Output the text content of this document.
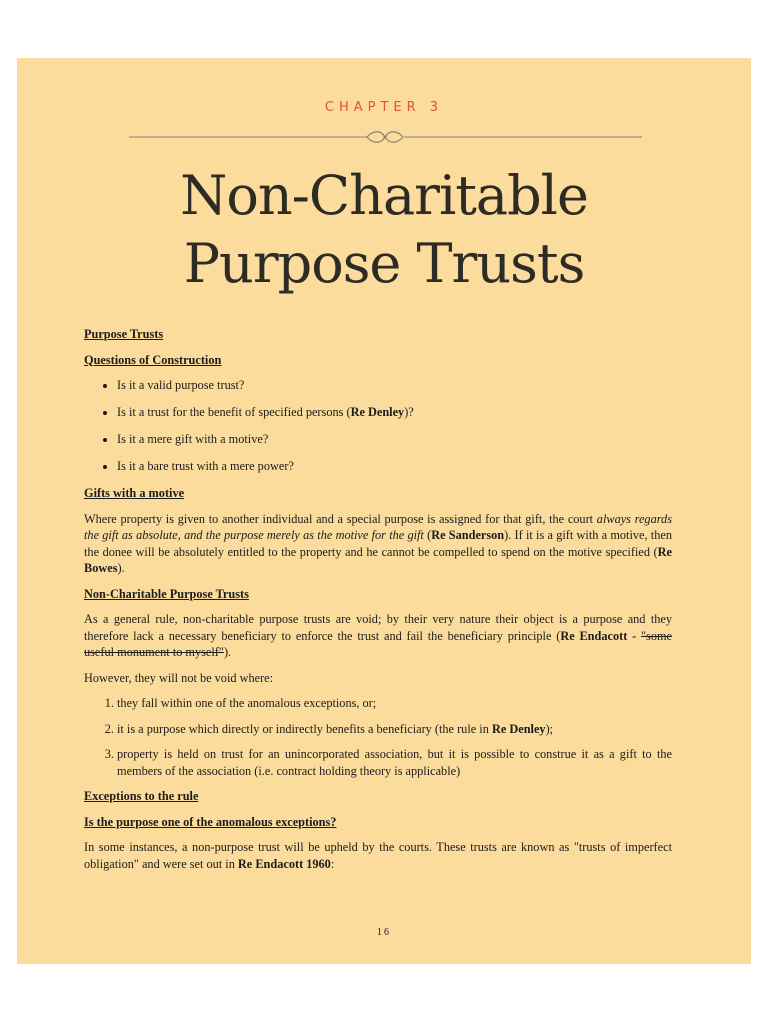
CHAPTER 3
Non-Charitable
Purpose Trusts
Purpose Trusts
Questions of Construction
• Is it a valid purpose trust?
• Is it a trust for the benefit of specified persons (Re Denley)?
• Is it a mere gift with a motive?
• Is it a bare trust with a mere power?
Gifts with a motive

Where property is given to another individual and a special purpose is assigned for that gift, the court always regards the gift as absolute, and the purpose merely as the motive for the gift (Re Sanderson). If it is a gift with a motive, then the donee will be absolutely entitled to the property and he cannot be compelled to spend on the motive specified (Re Bowes).

Non-Charitable Purpose Trusts

As a general rule, non-charitable purpose trusts are void; by their very nature their object is a purpose and they therefore lack a necessary beneficiary to enforce the trust and fail the beneficiary principle (Re Endacott - "some useful monument to myself").

However, they will not be void where:

1. they fall within one of the anomalous exceptions, or;
2. it is a purpose which directly or indirectly benefits a beneficiary (the rule in Re Denley);
3. property is held on trust for an unincorporated association, but it is possible to construe it as a gift to the members of the association (i.e. contract holding theory is applicable)
Exceptions to the rule
Is the purpose one of the anomalous exceptions?

In some instances, a non-purpose trust will be upheld by the courts. These trusts are known as "trusts of imperfect obligation" and were set out in Re Endacott 1960:

16
